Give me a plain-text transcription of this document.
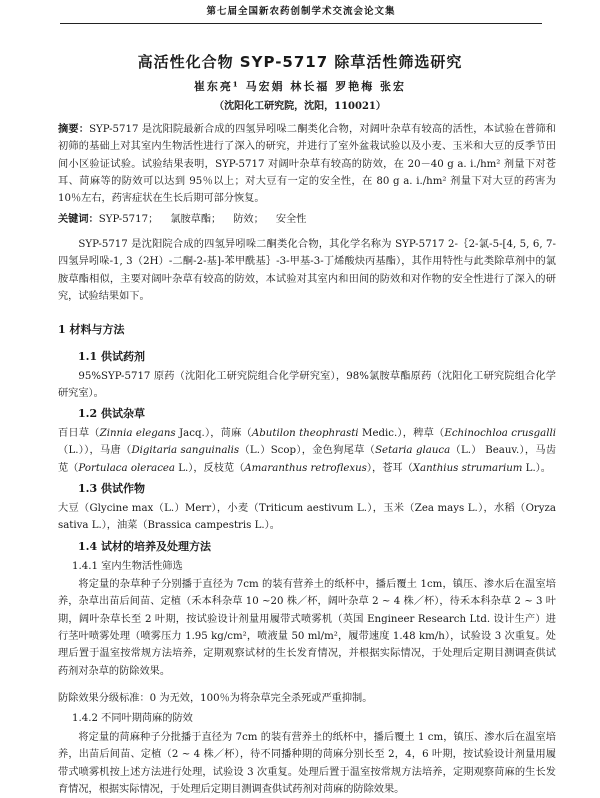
第七届全国新农药创制学术交流会论文集
高活性化合物 SYP-5717 除草活性筛选研究
崔东亮¹ 马宏娟 林长福 罗艳梅 张宏
（沈阳化工研究院，沈阳，110021）
摘要：SYP-5717 是沈阳院最新合成的四氢异吲哚二酮类化合物，对阔叶杂草有较高的活性，本试验在普筛和初筛的基础上对其室内生物活性进行了深入的研究，并进行了室外盆栽试验以及小麦、玉米和大豆的反季节田间小区验证试验。试验结果表明，SYP-5717 对阔叶杂草有较高的防效，在 20－40 g a. i./hm² 剂量下对苍耳、苘麻等的防效可以达到 95％以上；对大豆有一定的安全性，在 80 g a. i./hm² 剂量下对大豆的药害为 10％左右，药害症状在生长后期可部分恢复。
关键词：SYP-5717； 氯胺草酯； 防效； 安全性
SYP-5717 是沈阳院合成的四氢异吲哚二酮类化合物，其化学名称为 SYP-5717 2-｛2-氯-5-[4, 5, 6, 7-四氢异吲哚-1, 3（2H）-二酮-2-基]-苯甲酰基｝-3-甲基-3-丁烯酸炔丙基酯），其作用特性与此类除草剂中的氯胺草酯相似，主要对阔叶杂草有较高的防效，本试验对其室内和田间的防效和对作物的安全性进行了深入的研究，试验结果如下。
1 材料与方法
1.1 供试药剂
95%SYP-5717 原药（沈阳化工研究院组合化学研究室），98%氯胺草酯原药（沈阳化工研究院组合化学研究室）。
1.2 供试杂草
百日草（Zinnia elegans Jacq.），苘麻（Abutilon theophrasti Medic.），稗草（Echinochloa crusgalli（L.）），马唐（Digitaria sanguinalis（L.）Scop），金色狗尾草（Setaria glauca（L.） Beauv.），马齿苋（Portulaca oleracea L.），反枝苋（Amaranthus retroflexus），苍耳（Xanthius strumarium L.）。
1.3 供试作物
大豆（Glycine max（L.）Merr），小麦（Triticum aestivum L.），玉米（Zea mays L.），水稻（Oryza sativa L.），油菜（Brassica campestris L.）。
1.4 试材的培养及处理方法
1.4.1 室内生物活性筛选
将定量的杂草种子分别播于直径为 7cm 的装有营养土的纸杯中，播后覆土 1cm，镇压、渗水后在温室培养，杂草出苗后间苗、定植（禾本科杂草 10 ~20 株／杯，阔叶杂草 2 ~ 4 株／杯），待禾本科杂草 2 ~ 3 叶期，阔叶杂草长至 2 叶期，按试验设计剂量用履带式喷雾机（英国 Engineer Research Ltd. 设计生产）进行茎叶喷雾处理（喷雾压力 1.95 kg/cm²，喷液量 50 ml/m²，履带速度 1.48 km/h），试验设 3 次重复。处理后置于温室按常规方法培养，定期观察试材的生长发育情况，并根据实际情况，于处理后定期目测调查供试药剂对杂草的防除效果。
防除效果分级标准：0 为无效，100％为将杂草完全杀死或严重抑制。
1.4.2 不同叶期苘麻的防效
将定量的苘麻种子分批播于直径为 7cm 的装有营养土的纸杯中，播后覆土 1 cm，镇压、渗水后在温室培养，出苗后间苗、定植（2 ~ 4 株／杯），待不同播种期的苘麻分别长至 2，4，6 叶期，按试验设计剂量用履带式喷雾机按上述方法进行处理，试验设 3 次重复。处理后置于温室按常规方法培养，定期观察苘麻的生长发育情况，根据实际情况，于处理后定期目测调查供试药剂对苘麻的防除效果。
